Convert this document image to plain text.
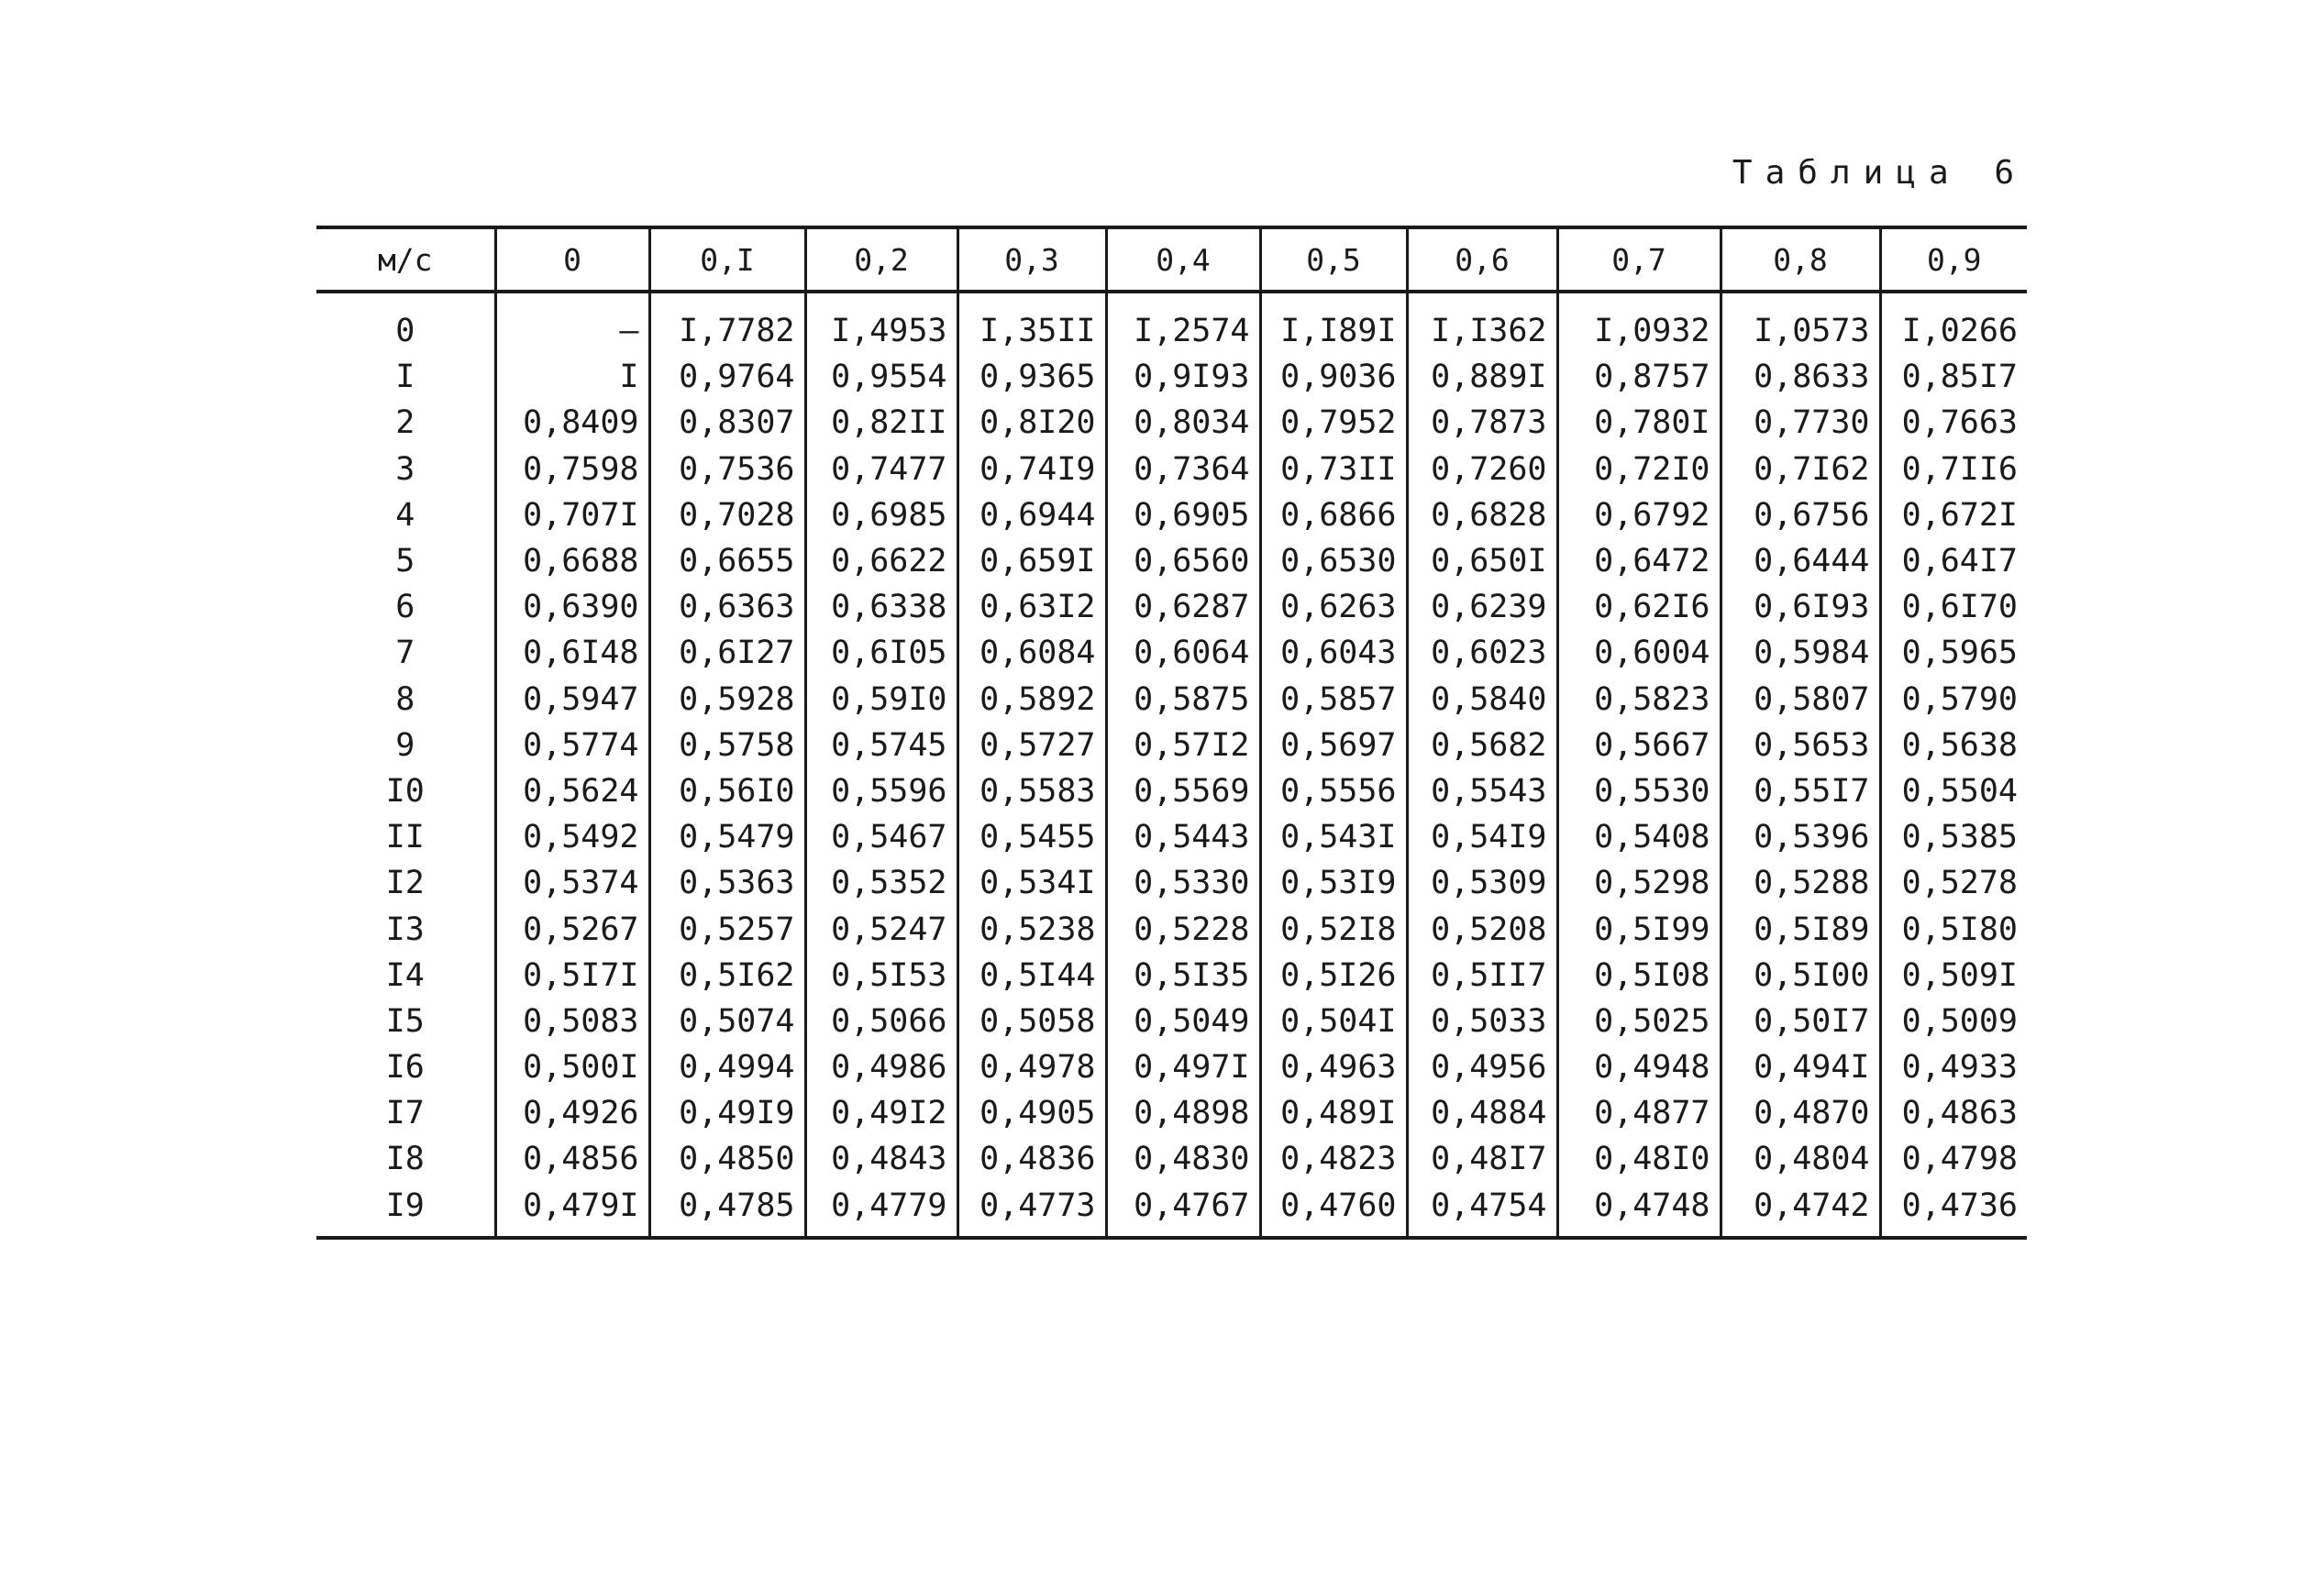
Таблица 6
м/с	0	0,I	0,2	0,3	0,4	0,5	0,6	0,7	0,8	0,9
0	–	I,7782	I,4953	I,35II	I,2574	I,I89I	I,I362	I,0932	I,0573	I,0266
I	I	0,9764	0,9554	0,9365	0,9I93	0,9036	0,889I	0,8757	0,8633	0,85I7
2	0,8409	0,8307	0,82II	0,8I20	0,8034	0,7952	0,7873	0,780I	0,7730	0,7663
3	0,7598	0,7536	0,7477	0,74I9	0,7364	0,73II	0,7260	0,72I0	0,7I62	0,7II6
4	0,707I	0,7028	0,6985	0,6944	0,6905	0,6866	0,6828	0,6792	0,6756	0,672I
5	0,6688	0,6655	0,6622	0,659I	0,6560	0,6530	0,650I	0,6472	0,6444	0,64I7
6	0,6390	0,6363	0,6338	0,63I2	0,6287	0,6263	0,6239	0,62I6	0,6I93	0,6I70
7	0,6I48	0,6I27	0,6I05	0,6084	0,6064	0,6043	0,6023	0,6004	0,5984	0,5965
8	0,5947	0,5928	0,59I0	0,5892	0,5875	0,5857	0,5840	0,5823	0,5807	0,5790
9	0,5774	0,5758	0,5745	0,5727	0,57I2	0,5697	0,5682	0,5667	0,5653	0,5638
I0	0,5624	0,56I0	0,5596	0,5583	0,5569	0,5556	0,5543	0,5530	0,55I7	0,5504
II	0,5492	0,5479	0,5467	0,5455	0,5443	0,543I	0,54I9	0,5408	0,5396	0,5385
I2	0,5374	0,5363	0,5352	0,534I	0,5330	0,53I9	0,5309	0,5298	0,5288	0,5278
I3	0,5267	0,5257	0,5247	0,5238	0,5228	0,52I8	0,5208	0,5I99	0,5I89	0,5I80
I4	0,5I7I	0,5I62	0,5I53	0,5I44	0,5I35	0,5I26	0,5II7	0,5I08	0,5I00	0,509I
I5	0,5083	0,5074	0,5066	0,5058	0,5049	0,504I	0,5033	0,5025	0,50I7	0,5009
I6	0,500I	0,4994	0,4986	0,4978	0,497I	0,4963	0,4956	0,4948	0,494I	0,4933
I7	0,4926	0,49I9	0,49I2	0,4905	0,4898	0,489I	0,4884	0,4877	0,4870	0,4863
I8	0,4856	0,4850	0,4843	0,4836	0,4830	0,4823	0,48I7	0,48I0	0,4804	0,4798
I9	0,479I	0,4785	0,4779	0,4773	0,4767	0,4760	0,4754	0,4748	0,4742	0,4736
